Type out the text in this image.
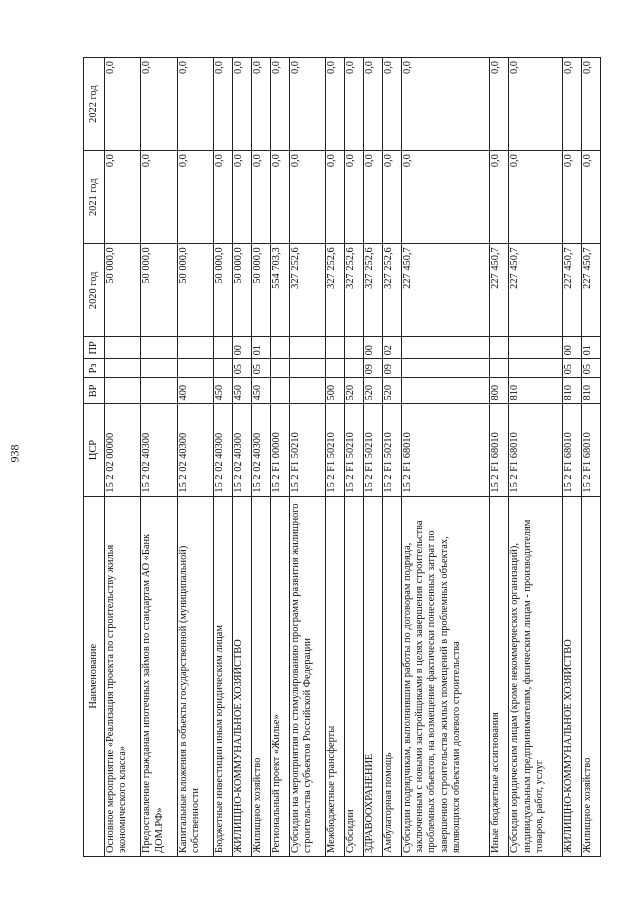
938
Наименование	ЦСР	ВР	Рз	ПР	2020 год	2021 год	2022 год
Основное мероприятие «Реализация проекта по строительству жилья экономического класса»	15 2 02 00000				50 000,0	0,0	0,0
Предоставление гражданам ипотечных займов по стандартам АО «Банк ДОМ.РФ»	15 2 02 40300				50 000,0	0,0	0,0
Капитальные вложения в объекты государственной (муниципальной) собственности	15 2 02 40300	400			50 000,0	0,0	0,0
Бюджетные инвестиции иным юридическим лицам	15 2 02 40300	450			50 000,0	0,0	0,0
ЖИЛИЩНО-КОММУНАЛЬНОЕ ХОЗЯЙСТВО	15 2 02 40300	450	05	00	50 000,0	0,0	0,0
Жилищное хозяйство	15 2 02 40300	450	05	01	50 000,0	0,0	0,0
Региональный проект «Жилье»	15 2 F1 00000				554 703,3	0,0	0,0
Субсидии на мероприятия по стимулированию программ развития жилищного строительства субъектов Российской Федерации	15 2 F1 50210				327 252,6	0,0	0,0
Межбюджетные трансферты	15 2 F1 50210	500			327 252,6	0,0	0,0
Субсидии	15 2 F1 50210	520			327 252,6	0,0	0,0
ЗДРАВООХРАНЕНИЕ	15 2 F1 50210	520	09	00	327 252,6	0,0	0,0
Амбулаторная помощь	15 2 F1 50210	520	09	02	327 252,6	0,0	0,0
Субсидии подрядчикам, выполнившим работы по договорам подряда, заключенным с новыми застройщиками в целях завершения строительства проблемных объектов, на возмещение фактически понесенных затрат по завершению строительства жилых помещений в проблемных объектах, являющихся объектами долевого строительства	15 2 F1 68010				227 450,7	0,0	0,0
Иные бюджетные ассигнования	15 2 F1 68010	800			227 450,7	0,0	0,0
Субсидии юридическим лицам (кроме некоммерческих организаций), индивидуальным предпринимателям, физическим лицам - производителям товаров, работ, услуг	15 2 F1 68010	810			227 450,7	0,0	0,0
ЖИЛИЩНО-КОММУНАЛЬНОЕ ХОЗЯЙСТВО	15 2 F1 68010	810	05	00	227 450,7	0,0	0,0
Жилищное хозяйство	15 2 F1 68010	810	05	01	227 450,7	0,0	0,0
